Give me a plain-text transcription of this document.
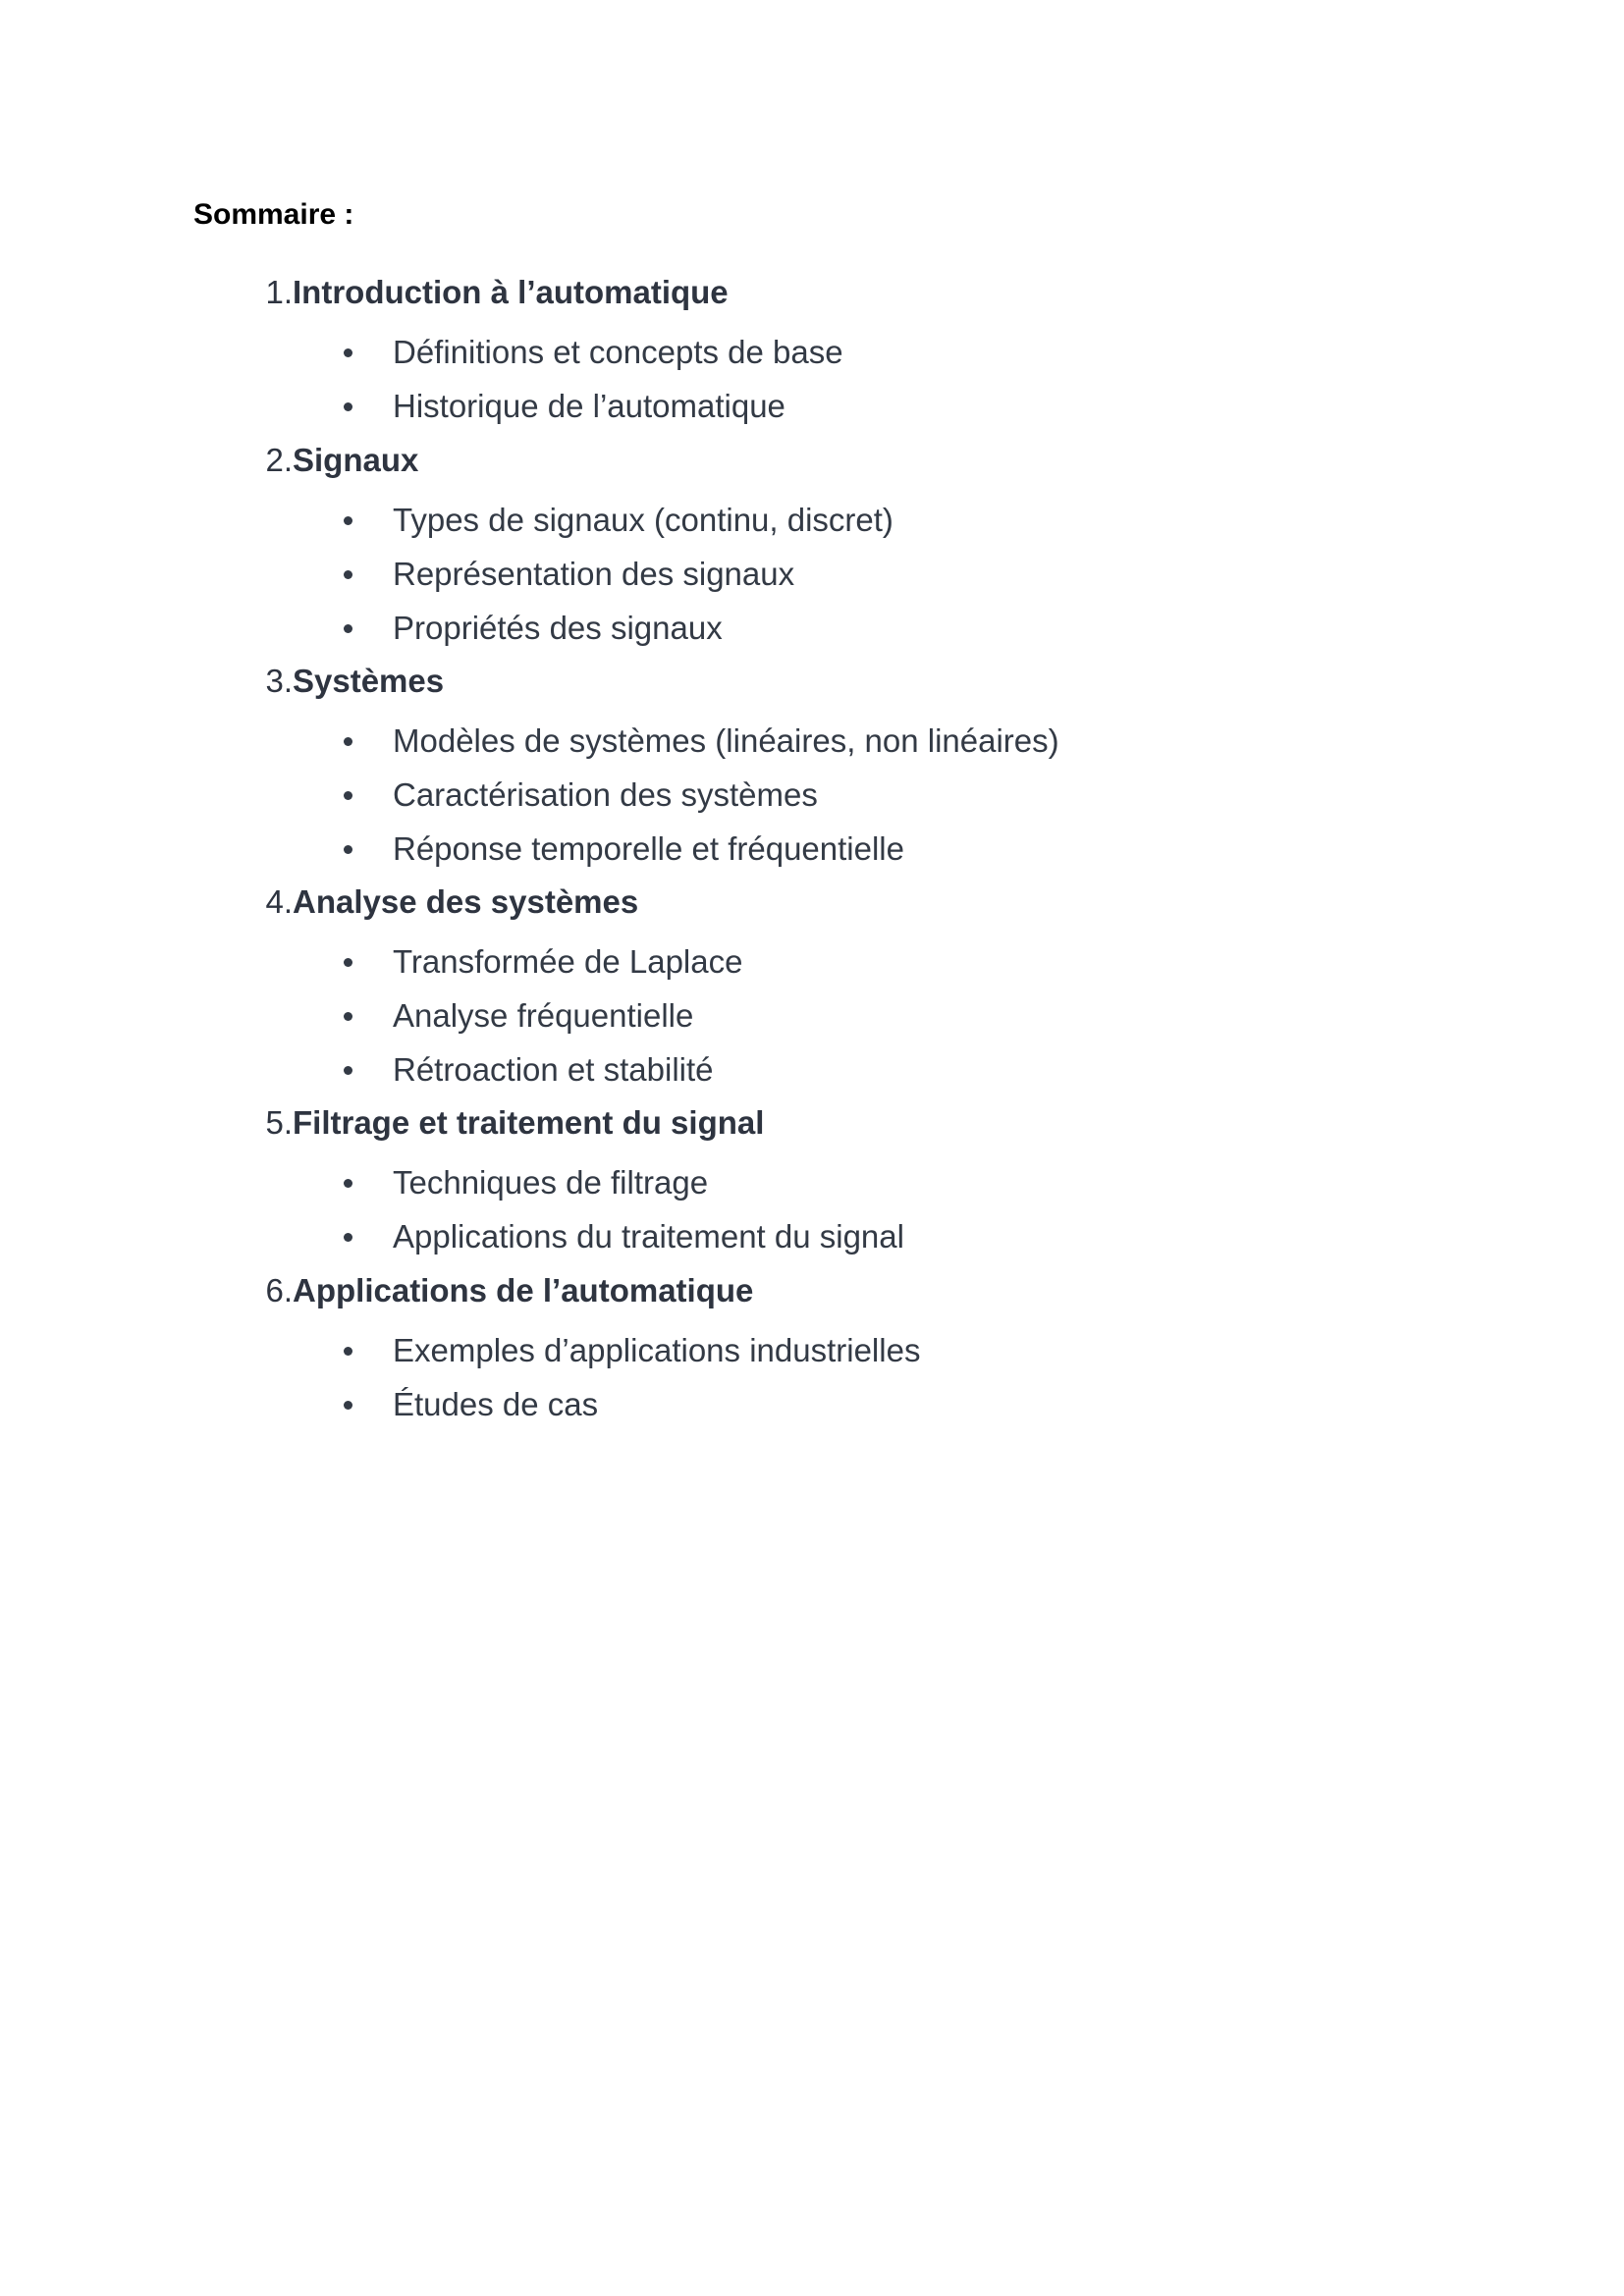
Sommaire :
1. Introduction à l’automatique
Définitions et concepts de base
Historique de l’automatique
2. Signaux
Types de signaux (continu, discret)
Représentation des signaux
Propriétés des signaux
3. Systèmes
Modèles de systèmes (linéaires, non linéaires)
Caractérisation des systèmes
Réponse temporelle et fréquentielle
4. Analyse des systèmes
Transformée de Laplace
Analyse fréquentielle
Rétroaction et stabilité
5. Filtrage et traitement du signal
Techniques de filtrage
Applications du traitement du signal
6. Applications de l’automatique
Exemples d’applications industrielles
Études de cas
